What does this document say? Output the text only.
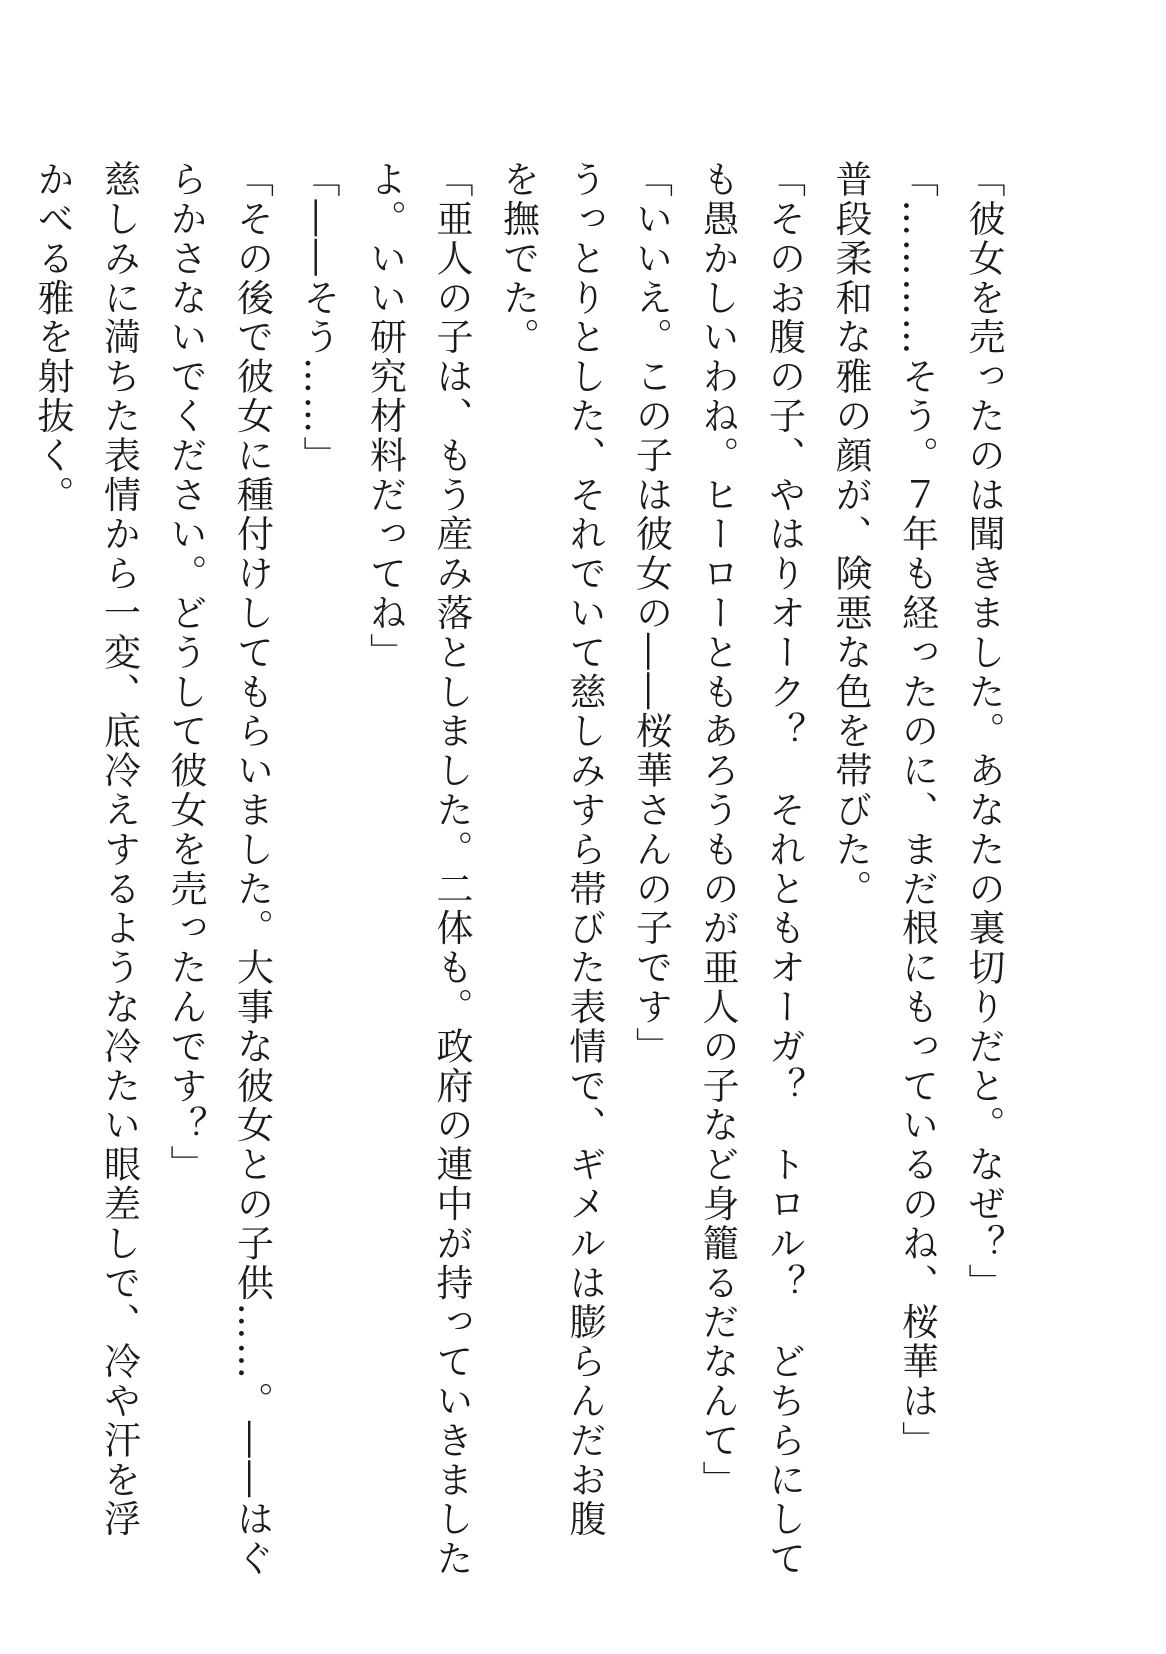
「彼女を売ったのは聞きました。あなたの裏切りだと。なぜ？」
「…………そう。７年も経ったのに、まだ根にもっているのね、桜華は」
普段柔和な雅の顔が、険悪な色を帯びた。
「そのお腹の子、やはりオーク？　それともオーガ？　トロル？　どちらにして
も愚かしいわね。ヒーローともあろうものが亜人の子など身籠るだなんて」
「いいえ。この子は彼女の――桜華さんの子です」
うっとりとした、それでいて慈しみすら帯びた表情で、ギメルは膨らんだお腹
を撫でた。
「亜人の子は、もう産み落としました。二体も。政府の連中が持っていきました
よ。いい研究材料だってね」
「――そう……」
「その後で彼女に種付けしてもらいました。大事な彼女との子供……。――はぐ
らかさないでください。どうして彼女を売ったんです？」
慈しみに満ちた表情から一変、底冷えするような冷たい眼差しで、冷や汗を浮
かべる雅を射抜く。
